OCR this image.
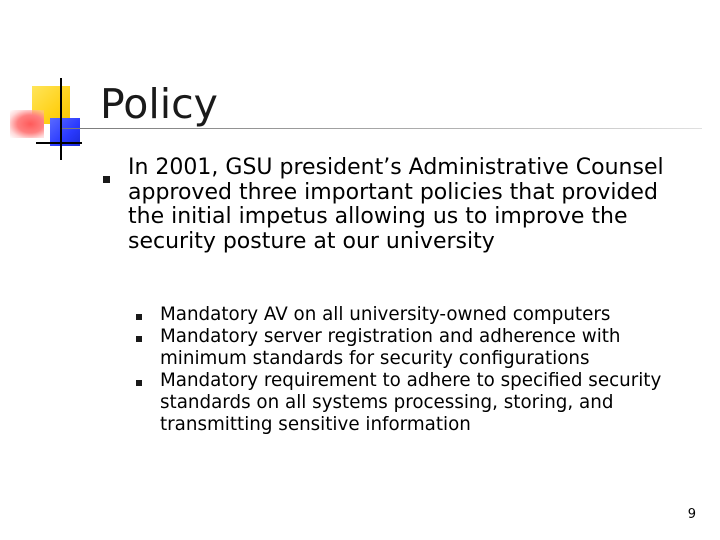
Policy
In 2001, GSU president’s Administrative Counsel approved three important policies that provided the initial impetus allowing us to improve the security posture at our university
Mandatory AV on all university-owned computers
Mandatory server registration and adherence with minimum standards for security configurations
Mandatory requirement to adhere to specified security standards on all systems processing, storing, and transmitting sensitive information
9
